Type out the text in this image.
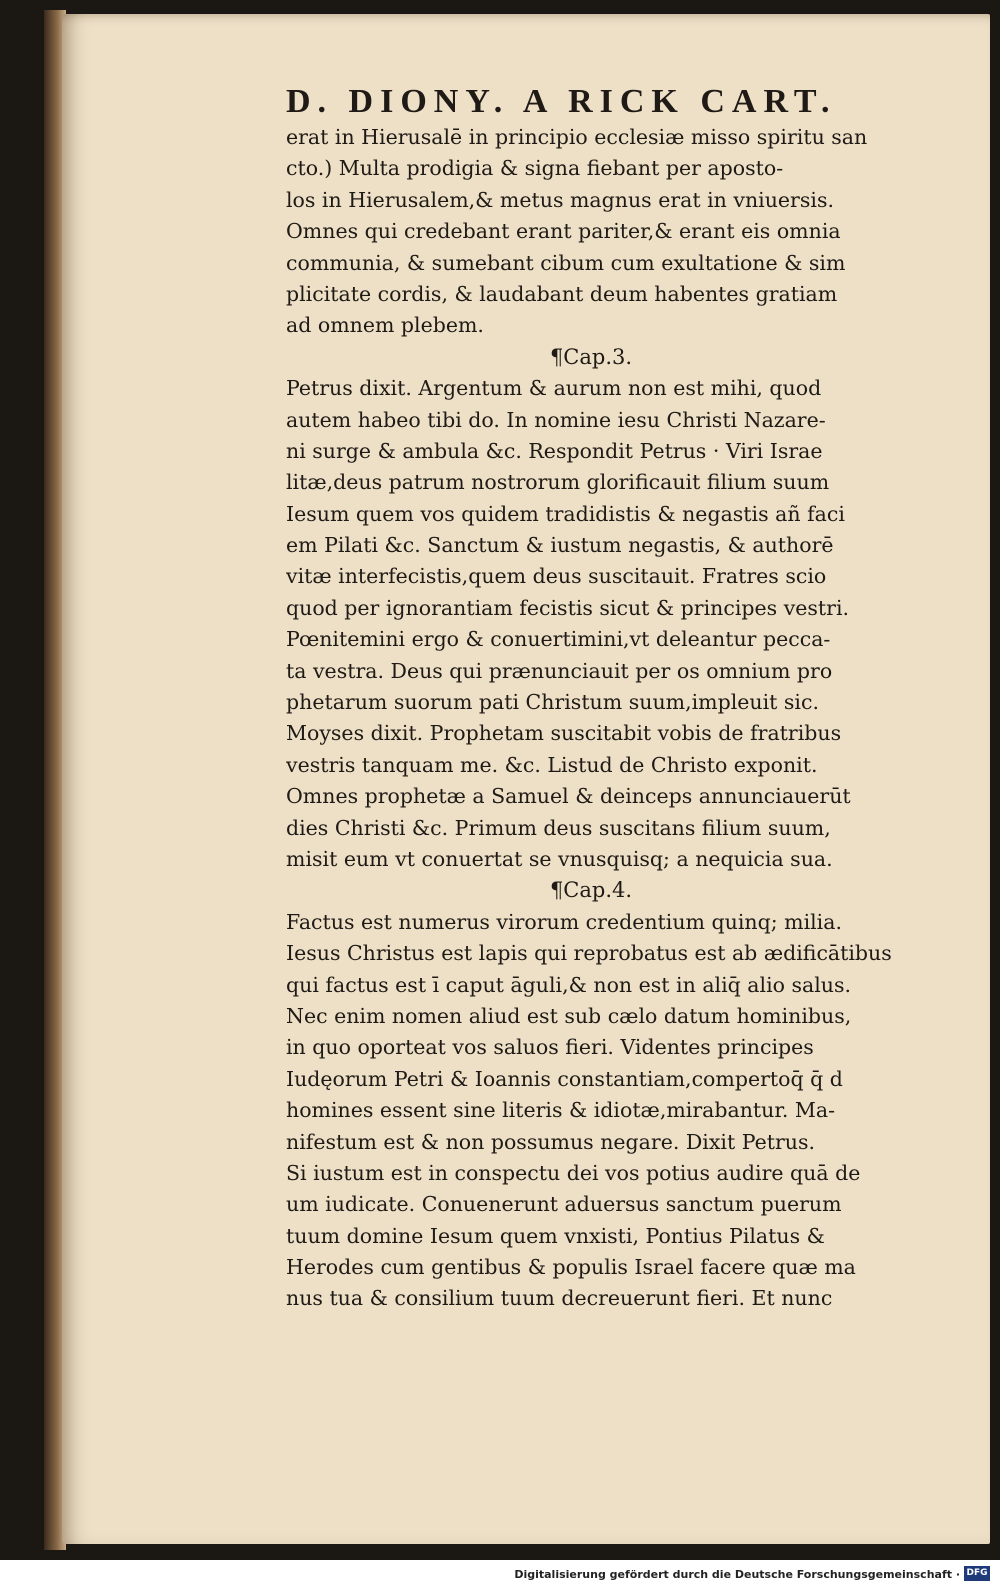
D. DIONY. A RICK CART.
erat in Hierusalē in principio ecclesiæ misso spiritu san
cto.) Multa prodigia & signa fiebant per aposto-
los in Hierusalem,& metus magnus erat in vniuersis.
Omnes qui credebant erant pariter,& erant eis omnia
communia, & sumebant cibum cum exultatione & sim
plicitate cordis, & laudabant deum habentes gratiam
ad omnem plebem.
¶Cap.3.
Petrus dixit. Argentum & aurum non est mihi, quod
autem habeo tibi do. In nomine iesu Christi Nazare-
ni surge & ambula &c. Respondit Petrus · Viri Israe
litæ,deus patrum nostrorum glorificauit filium suum
Iesum quem vos quidem tradidistis & negastis añ faci
em Pilati &c. Sanctum & iustum negastis, & authorē
vitæ interfecistis,quem deus suscitauit. Fratres scio
quod per ignorantiam fecistis sicut & principes vestri.
Pœnitemini ergo & conuertimini,vt deleantur pecca-
ta vestra. Deus qui prænunciauit per os omnium pro
phetarum suorum pati Christum suum,impleuit sic.
Moyses dixit. Prophetam suscitabit vobis de fratribus
vestris tanquam me. &c. Listud de Christo exponit.
Omnes prophetæ a Samuel & deinceps annunciauerūt
dies Christi &c. Primum deus suscitans filium suum,
misit eum vt conuertat se vnusquisq; a nequicia sua.
¶Cap.4.
Factus est numerus virorum credentium quinq; milia.
Iesus Christus est lapis qui reprobatus est ab ædificātibus
qui factus est ī caput āguli,& non est in aliq̄ alio salus.
Nec enim nomen aliud est sub cælo datum hominibus,
in quo oporteat vos saluos fieri. Videntes principes
Iudęorum Petri & Ioannis constantiam,compertoq̄ q̄ d
homines essent sine literis & idiotæ,mirabantur. Ma-
nifestum est & non possumus negare. Dixit Petrus.
Si iustum est in conspectu dei vos potius audire quā de
um iudicate. Conuenerunt aduersus sanctum puerum
tuum domine Iesum quem vnxisti, Pontius Pilatus &
Herodes cum gentibus & populis Israel facere quæ ma
nus tua & consilium tuum decreuerunt fieri. Et nunc
Digitalisierung gefördert durch die Deutsche Forschungsgemeinschaft · DFG
